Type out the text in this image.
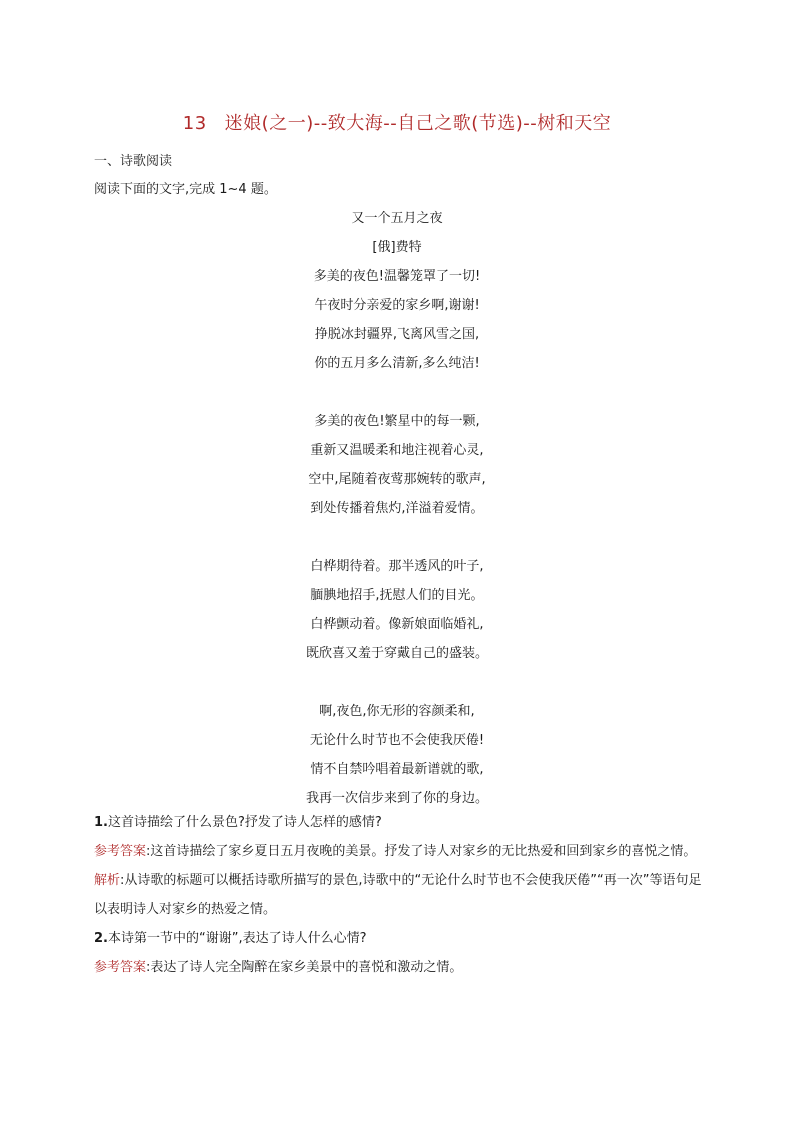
13 迷娘(之一)--致大海--自己之歌(节选)--树和天空
一、诗歌阅读
阅读下面的文字,完成 1~4 题。
又一个五月之夜
[俄]费特
多美的夜色!温馨笼罩了一切!
午夜时分亲爱的家乡啊,谢谢!
挣脱冰封疆界,飞离风雪之国,
你的五月多么清新,多么纯洁!
多美的夜色!繁星中的每一颗,
重新又温暖柔和地注视着心灵,
空中,尾随着夜莺那婉转的歌声,
到处传播着焦灼,洋溢着爱情。
白桦期待着。那半透风的叶子,
腼腆地招手,抚慰人们的目光。
白桦颤动着。像新娘面临婚礼,
既欣喜又羞于穿戴自己的盛装。
啊,夜色,你无形的容颜柔和,
无论什么时节也不会使我厌倦!
情不自禁吟唱着最新谱就的歌,
我再一次信步来到了你的身边。
1.这首诗描绘了什么景色?抒发了诗人怎样的感情?
参考答案:这首诗描绘了家乡夏日五月夜晚的美景。抒发了诗人对家乡的无比热爱和回到家乡的喜悦之情。
解析:从诗歌的标题可以概括诗歌所描写的景色,诗歌中的“无论什么时节也不会使我厌倦”“再一次”等语句足以表明诗人对家乡的热爱之情。
2.本诗第一节中的“谢谢”,表达了诗人什么心情?
参考答案:表达了诗人完全陶醉在家乡美景中的喜悦和激动之情。
